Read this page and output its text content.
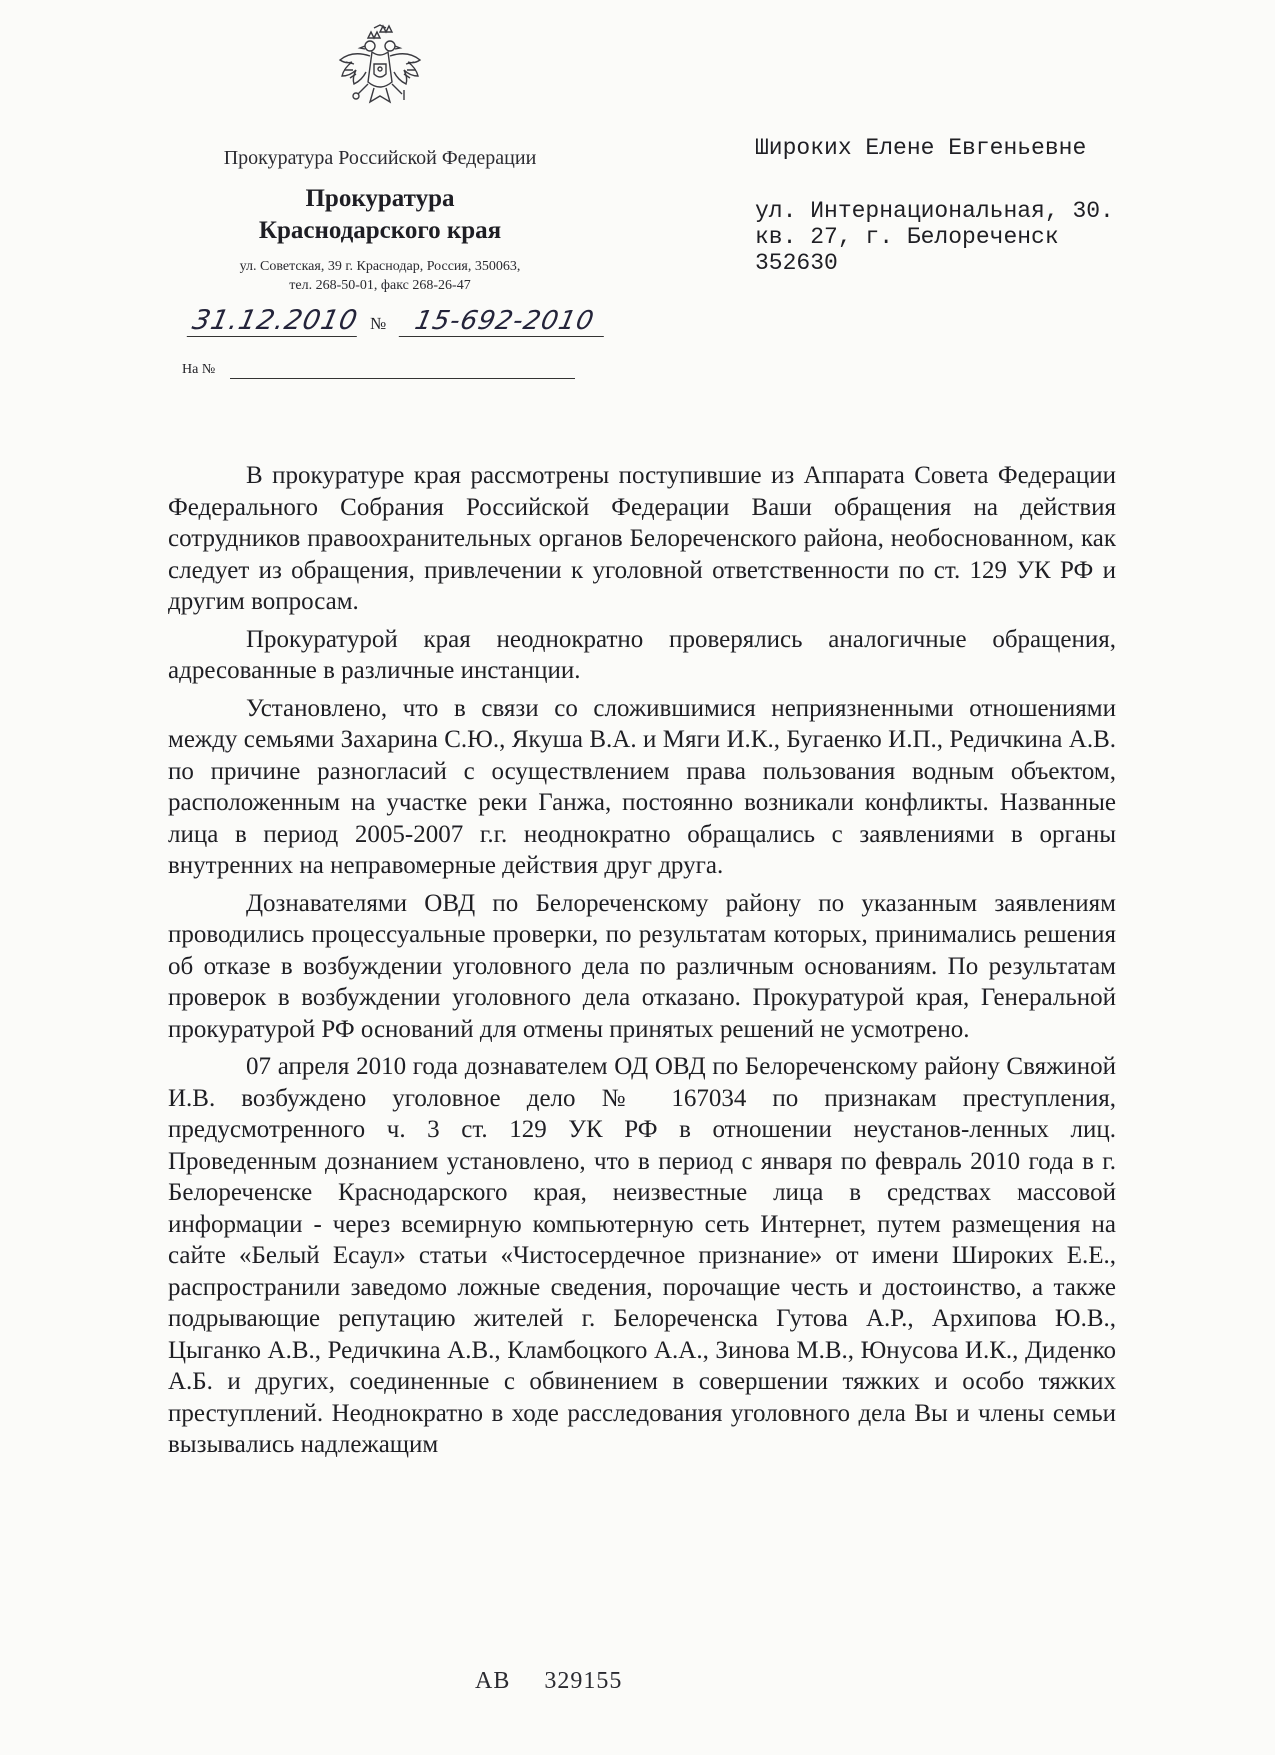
Прокуратура Российской Федерации
Прокуратура
Краснодарского края
ул. Советская, 39 г. Краснодар, Россия, 350063,
тел. 268-50-01, факс 268-26-47
31.12.2010 № 15-692-2010
На №
Широких Елене Евгеньевне
ул. Интернациональная, 30.
кв. 27, г. Белореченск
352630

В прокуратуре края рассмотрены поступившие из Аппарата Совета Федерации Федерального Собрания Российской Федерации Ваши обращения на действия сотрудников правоохранительных органов Белореченского района, необоснованном, как следует из обращения, привлечении к уголовной ответственности по ст. 129 УК РФ и другим вопросам.

Прокуратурой края неоднократно проверялись аналогичные обращения, адресованные в различные инстанции.

Установлено, что в связи со сложившимися неприязненными отношениями между семьями Захарина С.Ю., Якуша В.А. и Мяги И.К., Бугаенко И.П., Редичкина А.В. по причине разногласий с осуществлением права пользования водным объектом, расположенным на участке реки Ганжа, постоянно возникали конфликты. Названные лица в период 2005-2007 г.г. неоднократно обращались с заявлениями в органы внутренних на неправомерные действия друг друга.

Дознавателями ОВД по Белореченскому району по указанным заявлениям проводились процессуальные проверки, по результатам которых, принимались решения об отказе в возбуждении уголовного дела по различным основаниям. По результатам проверок в возбуждении уголовного дела отказано. Прокуратурой края, Генеральной прокуратурой РФ оснований для отмены принятых решений не усмотрено.

07 апреля 2010 года дознавателем ОД ОВД по Белореченскому району Свяжиной И.В. возбуждено уголовное дело № 167034 по признакам преступления, предусмотренного ч. 3 ст. 129 УК РФ в отношении неустанов-ленных лиц. Проведенным дознанием установлено, что в период с января по февраль 2010 года в г. Белореченске Краснодарского края, неизвестные лица в средствах массовой информации - через всемирную компьютерную сеть Интернет, путем размещения на сайте «Белый Есаул» статьи «Чистосердечное признание» от имени Широких Е.Е., распространили заведомо ложные сведения, порочащие честь и достоинство, а также подрывающие репутацию жителей г. Белореченска Гутова А.Р., Архипова Ю.В., Цыганко А.В., Редичкина А.В., Кламбоцкого А.А., Зинова М.В., Юнусова И.К., Диденко А.Б. и других, соединенные с обвинением в совершении тяжких и особо тяжких преступлений. Неоднократно в ходе расследования уголовного дела Вы и члены семьи вызывались надлежащим

АВ 329155
